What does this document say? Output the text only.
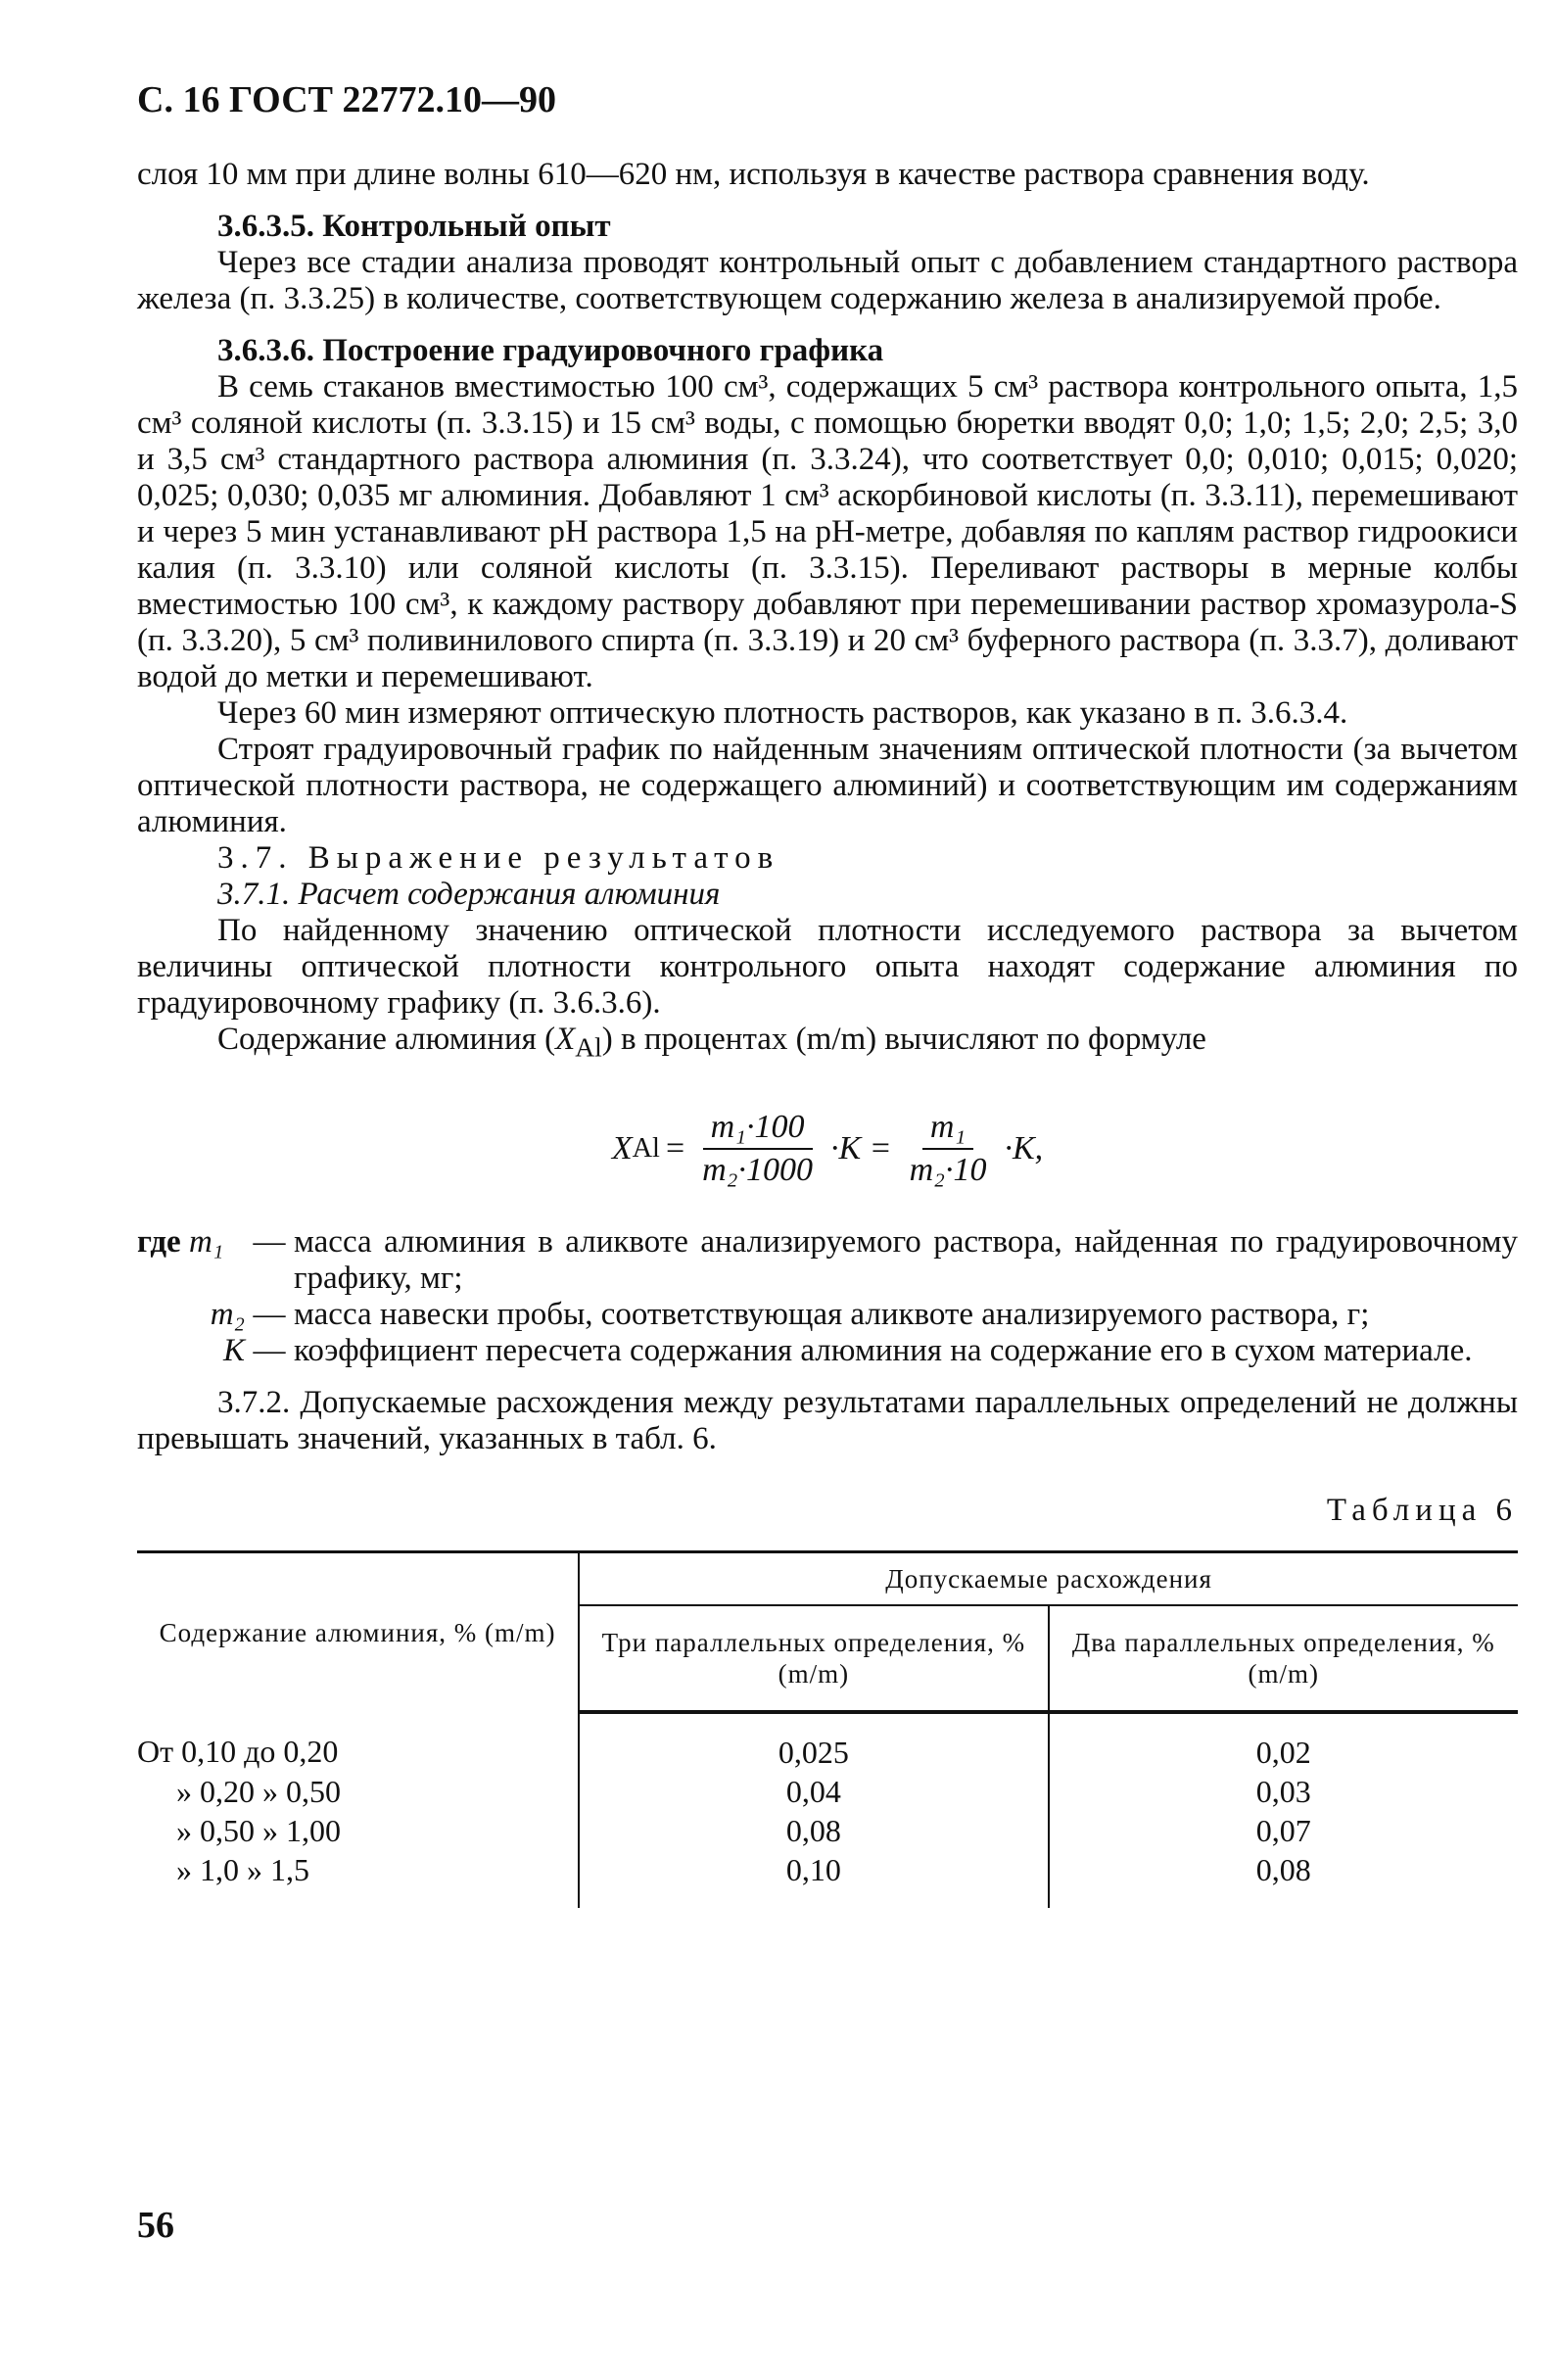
С. 16 ГОСТ 22772.10—90

слоя 10 мм при длине волны 610—620 нм, используя в качестве раствора сравнения воду.

3.6.3.5. Контрольный опыт

Через все стадии анализа проводят контрольный опыт с добавлением стандартного раствора железа (п. 3.3.25) в количестве, соответствующем содержанию железа в анализируемой пробе.

3.6.3.6. Построение градуировочного графика

В семь стаканов вместимостью 100 см³, содержащих 5 см³ раствора контрольного опыта, 1,5 см³ соляной кислоты (п. 3.3.15) и 15 см³ воды, с помощью бюретки вводят 0,0; 1,0; 1,5; 2,0; 2,5; 3,0 и 3,5 см³ стандартного раствора алюминия (п. 3.3.24), что соответствует 0,0; 0,010; 0,015; 0,020; 0,025; 0,030; 0,035 мг алюминия. Добавляют 1 см³ аскорбиновой кислоты (п. 3.3.11), перемешивают и через 5 мин устанавливают pH раствора 1,5 на pH-метре, добавляя по каплям раствор гидроокиси калия (п. 3.3.10) или соляной кислоты (п. 3.3.15). Переливают растворы в мерные колбы вместимостью 100 см³, к каждому раствору добавляют при перемешивании раствор хромазурола-S (п. 3.3.20), 5 см³ поливинилового спирта (п. 3.3.19) и 20 см³ буферного раствора (п. 3.3.7), доливают водой до метки и перемешивают.

Через 60 мин измеряют оптическую плотность растворов, как указано в п. 3.6.3.4.

Строят градуировочный график по найденным значениям оптической плотности (за вычетом оптической плотности раствора, не содержащего алюминий) и соответствующим им содержаниям алюминия.

3.7. Выражение результатов

3.7.1. Расчет содержания алюминия

По найденному значению оптической плотности исследуемого раствора за вычетом величины оптической плотности контрольного опыта находят содержание алюминия по градуировочному графику (п. 3.6.3.6).

Содержание алюминия $(X_{Al})$ в процентах (m/m) вычисляют по формуле

X $Al = \frac{\text{m₁·100}}{\text{m₂·1000}} \cdot K = \frac{\text{m₁}}{\text{m₂·10}} \cdot K$,
где m₁ — масса алюминия в аликвоте анализируемого раствора, найденная по градуировочному графику, мг;
m₂ — масса навески пробы, соответствующая аликвоте анализируемого раствора, г;
K — коэффициент пересчета содержания алюминия на содержание его в сухом материале.

3.7.2. Допускаемые расхождения между результатами параллельных определений не должны превышать значений, указанных в табл. 6.

Таблица 6
Содержание алюминия, % (m/m)	Допускаемые расхождения	
	Три параллельных определения, % (m/m)	Два параллельных определения, % (m/m)
От 0,10 до 0,20	0,025	0,02
» 0,20 » 0,50	0,04	0,03
» 0,50 » 1,00	0,08	0,07
» 1,0 » 1,5	0,10	0,08
56
